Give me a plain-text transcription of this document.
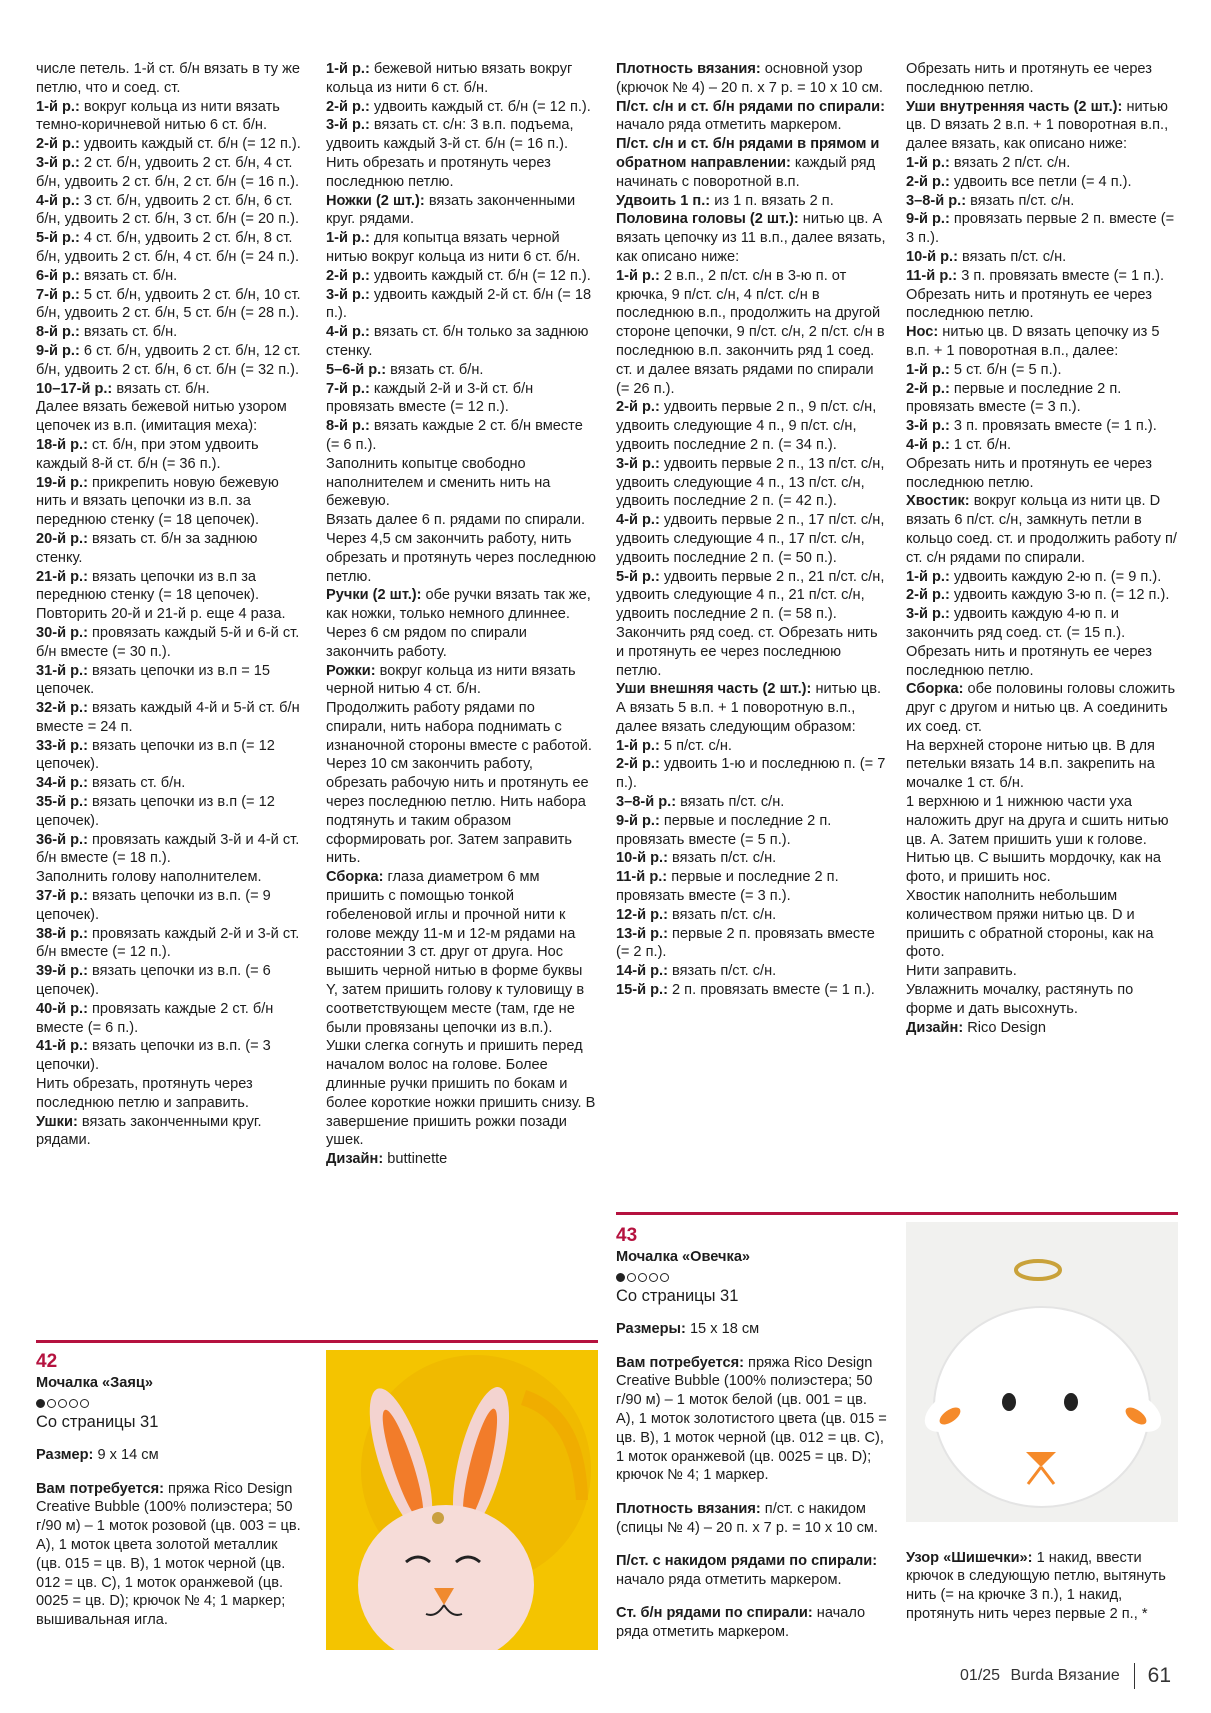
числе петель. 1-й ст. б/н вязать в ту же петлю, что и соед. ст.

1-й р.: вокруг кольца из нити вязать темно-коричневой нитью 6 ст. б/н.

2-й р.: удвоить каждый ст. б/н (= 12 п.).

3-й р.: 2 ст. б/н, удвоить 2 ст. б/н, 4 ст. б/н, удвоить 2 ст. б/н, 2 ст. б/н (= 16 п.).

4-й р.: 3 ст. б/н, удвоить 2 ст. б/н, 6 ст. б/н, удвоить 2 ст. б/н, 3 ст. б/н (= 20 п.).

5-й р.: 4 ст. б/н, удвоить 2 ст. б/н, 8 ст. б/н, удвоить 2 ст. б/н, 4 ст. б/н (= 24 п.).

6-й р.: вязать ст. б/н.

7-й р.: 5 ст. б/н, удвоить 2 ст. б/н, 10 ст. б/н, удвоить 2 ст. б/н, 5 ст. б/н (= 28 п.).

8-й р.: вязать ст. б/н.

9-й р.: 6 ст. б/н, удвоить 2 ст. б/н, 12 ст. б/н, удвоить 2 ст. б/н, 6 ст. б/н (= 32 п.).

10–17-й р.: вязать ст. б/н.

Далее вязать бежевой нитью узором цепочек из в.п. (имитация меха):

18-й р.: ст. б/н, при этом удвоить каждый 8-й ст. б/н (= 36 п.).

19-й р.: прикрепить новую бежевую нить и вязать цепочки из в.п. за переднюю стенку (= 18 цепочек).

20-й р.: вязать ст. б/н за заднюю стенку.

21-й р.: вязать цепочки из в.п за переднюю стенку (= 18 цепочек).

Повторить 20-й и 21-й р. еще 4 раза.

30-й р.: провязать каждый 5-й и 6-й ст. б/н вместе (= 30 п.).

31-й р.: вязать цепочки из в.п = 15 цепочек.

32-й р.: вязать каждый 4-й и 5-й ст. б/н вместе = 24 п.

33-й р.: вязать цепочки из в.п (= 12 цепочек).

34-й р.: вязать ст. б/н.

35-й р.: вязать цепочки из в.п (= 12 цепочек).

36-й р.: провязать каждый 3-й и 4-й ст. б/н вместе (= 18 п.).

Заполнить голову наполнителем.

37-й р.: вязать цепочки из в.п. (= 9 цепочек).

38-й р.: провязать каждый 2-й и 3-й ст. б/н вместе (= 12 п.).

39-й р.: вязать цепочки из в.п. (= 6 цепочек).

40-й р.: провязать каждые 2 ст. б/н вместе (= 6 п.).

41-й р.: вязать цепочки из в.п. (= 3 цепочки).

Нить обрезать, протянуть через последнюю петлю и заправить.

Ушки: вязать законченными круг. рядами.

1-й р.: бежевой нитью вязать вокруг кольца из нити 6 ст. б/н.

2-й р.: удвоить каждый ст. б/н (= 12 п.).

3-й р.: вязать ст. с/н: 3 в.п. подъема, удвоить каждый 3-й ст. б/н (= 16 п.).

Нить обрезать и протянуть через последнюю петлю.

Ножки (2 шт.): вязать законченными круг. рядами.

1-й р.: для копытца вязать черной нитью вокруг кольца из нити 6 ст. б/н.

2-й р.: удвоить каждый ст. б/н (= 12 п.).

3-й р.: удвоить каждый 2-й ст. б/н (= 18 п.).

4-й р.: вязать ст. б/н только за заднюю стенку.

5–6-й р.: вязать ст. б/н.

7-й р.: каждый 2-й и 3-й ст. б/н провязать вместе (= 12 п.).

8-й р.: вязать каждые 2 ст. б/н вместе (= 6 п.).

Заполнить копытце свободно наполнителем и сменить нить на бежевую.

Вязать далее 6 п. рядами по спирали. Через 4,5 см закончить работу, нить обрезать и протянуть через последнюю петлю.

Ручки (2 шт.): обе ручки вязать так же, как ножки, только немного длиннее.

Через 6 см рядом по спирали закончить работу.

Рожки: вокруг кольца из нити вязать черной нитью 4 ст. б/н.

Продолжить работу рядами по спирали, нить набора поднимать с изнаночной стороны вместе с работой. Через 10 см закончить работу, обрезать рабочую нить и протянуть ее через последнюю петлю. Нить набора подтянуть и таким образом сформировать рог. Затем заправить нить.

Сборка: глаза диаметром 6 мм пришить с помощью тонкой гобеленовой иглы и прочной нити к голове между 11-м и 12-м рядами на расстоянии 3 ст. друг от друга. Нос вышить черной нитью в форме буквы Y, затем пришить голову к туловищу в соответствующем месте (там, где не были провязаны цепочки из в.п.).

Ушки слегка согнуть и пришить перед началом волос на голове. Более длинные ручки пришить по бокам и более короткие ножки пришить снизу. В завершение пришить рожки позади ушек.

Дизайн: buttinette

Плотность вязания: основной узор (крючок № 4) – 20 п. х 7 р. = 10 х 10 см.

П/ст. с/н и ст. б/н рядами по спирали: начало ряда отметить маркером.

П/ст. с/н и ст. б/н рядами в прямом и обратном направлении: каждый ряд начинать с поворотной в.п.

Удвоить 1 п.: из 1 п. вязать 2 п.

Половина головы (2 шт.): нитью цв. А вязать цепочку из 11 в.п., далее вязать, как описано ниже:

1-й р.: 2 в.п., 2 п/ст. с/н в 3-ю п. от крючка, 9 п/ст. с/н, 4 п/ст. с/н в последнюю в.п., продолжить на другой стороне цепочки, 9 п/ст. с/н, 2 п/ст. с/н в последнюю в.п. закончить ряд 1 соед. ст. и далее вязать рядами по спирали (= 26 п.).

2-й р.: удвоить первые 2 п., 9 п/ст. с/н, удвоить следующие 4 п., 9 п/ст. с/н, удвоить последние 2 п. (= 34 п.).

3-й р.: удвоить первые 2 п., 13 п/ст. с/н, удвоить следующие 4 п., 13 п/ст. с/н, удвоить последние 2 п. (= 42 п.).

4-й р.: удвоить первые 2 п., 17 п/ст. с/н, удвоить следующие 4 п., 17 п/ст. с/н, удвоить последние 2 п. (= 50 п.).

5-й р.: удвоить первые 2 п., 21 п/ст. с/н, удвоить следующие 4 п., 21 п/ст. с/н, удвоить последние 2 п. (= 58 п.). Закончить ряд соед. ст. Обрезать нить и протянуть ее через последнюю петлю.

Уши внешняя часть (2 шт.): нитью цв. А вязать 5 в.п. + 1 поворотную в.п., далее вязать следующим образом:

1-й р.: 5 п/ст. с/н.

2-й р.: удвоить 1-ю и последнюю п. (= 7 п.).

3–8-й р.: вязать п/ст. с/н.

9-й р.: первые и последние 2 п. провязать вместе (= 5 п.).

10-й р.: вязать п/ст. с/н.

11-й р.: первые и последние 2 п. провязать вместе (= 3 п.).

12-й р.: вязать п/ст. с/н.

13-й р.: первые 2 п. провязать вместе (= 2 п.).

14-й р.: вязать п/ст. с/н.

15-й р.: 2 п. провязать вместе (= 1 п.).

Обрезать нить и протянуть ее через последнюю петлю.

Уши внутренняя часть (2 шт.): нитью цв. D вязать 2 в.п. + 1 поворотная в.п., далее вязать, как описано ниже:

1-й р.: вязать 2 п/ст. с/н.

2-й р.: удвоить все петли (= 4 п.).

3–8-й р.: вязать п/ст. с/н.

9-й р.: провязать первые 2 п. вместе (= 3 п.).

10-й р.: вязать п/ст. с/н.

11-й р.: 3 п. провязать вместе (= 1 п.).

Обрезать нить и протянуть ее через последнюю петлю.

Нос: нитью цв. D вязать цепочку из 5 в.п. + 1 поворотная в.п., далее:

1-й р.: 5 ст. б/н (= 5 п.).

2-й р.: первые и последние 2 п. провязать вместе (= 3 п.).

3-й р.: 3 п. провязать вместе (= 1 п.).

4-й р.: 1 ст. б/н.

Обрезать нить и протянуть ее через последнюю петлю.

Хвостик: вокруг кольца из нити цв. D вязать 6 п/ст. с/н, замкнуть петли в кольцо соед. ст. и продолжить работу п/ст. с/н рядами по спирали.

1-й р.: удвоить каждую 2-ю п. (= 9 п.).

2-й р.: удвоить каждую 3-ю п. (= 12 п.).

3-й р.: удвоить каждую 4-ю п. и закончить ряд соед. ст. (= 15 п.).

Обрезать нить и протянуть ее через последнюю петлю.

Сборка: обе половины головы сложить друг с другом и нитью цв. А соединить их соед. ст.

На верхней стороне нитью цв. В для петельки вязать 14 в.п. закрепить на мочалке 1 ст. б/н.

1 верхнюю и 1 нижнюю части уха наложить друг на друга и сшить нитью цв. А. Затем пришить уши к голове. Нитью цв. С вышить мордочку, как на фото, и пришить нос.

Хвостик наполнить небольшим количеством пряжи нитью цв. D и пришить с обратной стороны, как на фото.

Нити заправить.

Увлажнить мочалку, растянуть по форме и дать высохнуть.

Дизайн: Rico Design

42

Мочалка «Заяц»

Со страницы 31

Размер: 9 х 14 см

Вам потребуется: пряжа Rico Design Creative Bubble (100% полиэстера; 50 г/90 м) – 1 моток розовой (цв. 003 = цв. А), 1 моток цвета золотой металлик (цв. 015 = цв. В), 1 моток черной (цв. 012 = цв. С), 1 моток оранжевой (цв. 0025 = цв. D); крючок № 4; 1 маркер; вышивальная игла.

43

Мочалка «Овечка»

Со страницы 31

Размеры: 15 х 18 см

Вам потребуется: пряжа Rico Design Creative Bubble (100% полиэстера; 50 г/90 м) – 1 моток белой (цв. 001 = цв. А), 1 моток золотистого цвета (цв. 015 = цв. В), 1 моток черной (цв. 012 = цв. С), 1 моток оранжевой (цв. 0025 = цв. D); крючок № 4; 1 маркер.

Плотность вязания: п/ст. с накидом (спицы № 4) – 20 п. х 7 р. = 10 х 10 см.

П/ст. с накидом рядами по спирали: начало ряда отметить маркером.

Ст. б/н рядами по спирали: начало ряда отметить маркером.

Узор «Шишечки»: 1 накид, ввести крючок в следующую петлю, вытянуть нить (= на крючке 3 п.), 1 накид, протянуть нить через первые 2 п., *

01/25 Burda Вязание 61
